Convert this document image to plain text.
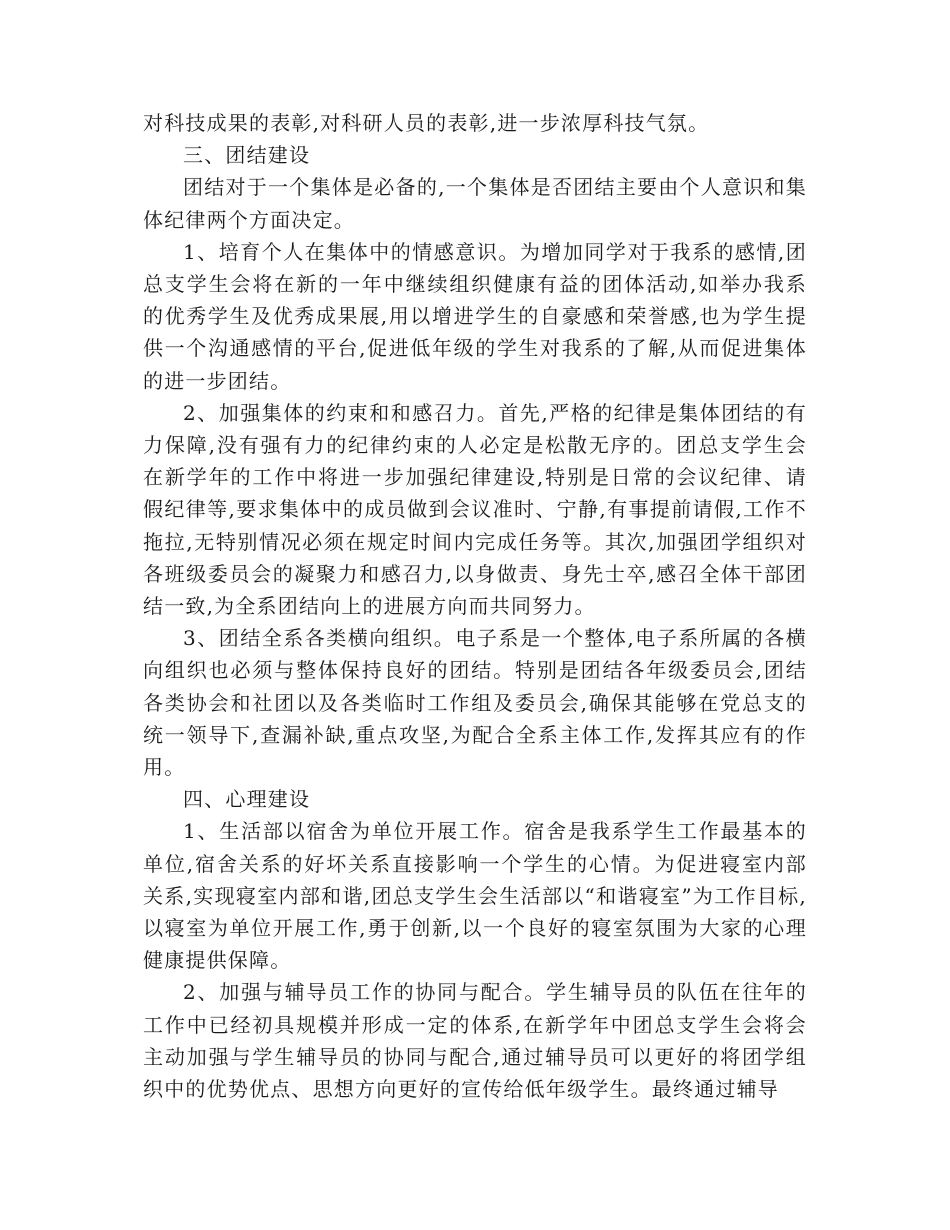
对科技成果的表彰,对科研人员的表彰,进一步浓厚科技气氛。

三、团结建设

团结对于一个集体是必备的,一个集体是否团结主要由个人意识和集体纪律两个方面决定。

1、培育个人在集体中的情感意识。为增加同学对于我系的感情,团总支学生会将在新的一年中继续组织健康有益的团体活动,如举办我系的优秀学生及优秀成果展,用以增进学生的自豪感和荣誉感,也为学生提供一个沟通感情的平台,促进低年级的学生对我系的了解,从而促进集体的进一步团结。

2、加强集体的约束和和感召力。首先,严格的纪律是集体团结的有力保障,没有强有力的纪律约束的人必定是松散无序的。团总支学生会在新学年的工作中将进一步加强纪律建设,特别是日常的会议纪律、请假纪律等,要求集体中的成员做到会议准时、宁静,有事提前请假,工作不拖拉,无特别情况必须在规定时间内完成任务等。其次,加强团学组织对各班级委员会的凝聚力和感召力,以身做责、身先士卒,感召全体干部团结一致,为全系团结向上的进展方向而共同努力。

3、团结全系各类横向组织。电子系是一个整体,电子系所属的各横向组织也必须与整体保持良好的团结。特别是团结各年级委员会,团结各类协会和社团以及各类临时工作组及委员会,确保其能够在党总支的统一领导下,查漏补缺,重点攻坚,为配合全系主体工作,发挥其应有的作用。

四、心理建设

1、生活部以宿舍为单位开展工作。宿舍是我系学生工作最基本的单位,宿舍关系的好坏关系直接影响一个学生的心情。为促进寝室内部关系,实现寝室内部和谐,团总支学生会生活部以“和谐寝室”为工作目标,以寝室为单位开展工作,勇于创新,以一个良好的寝室氛围为大家的心理健康提供保障。

2、加强与辅导员工作的协同与配合。学生辅导员的队伍在往年的工作中已经初具规模并形成一定的体系,在新学年中团总支学生会将会主动加强与学生辅导员的协同与配合,通过辅导员可以更好的将团学组织中的优势优点、思想方向更好的宣传给低年级学生。最终通过辅导
